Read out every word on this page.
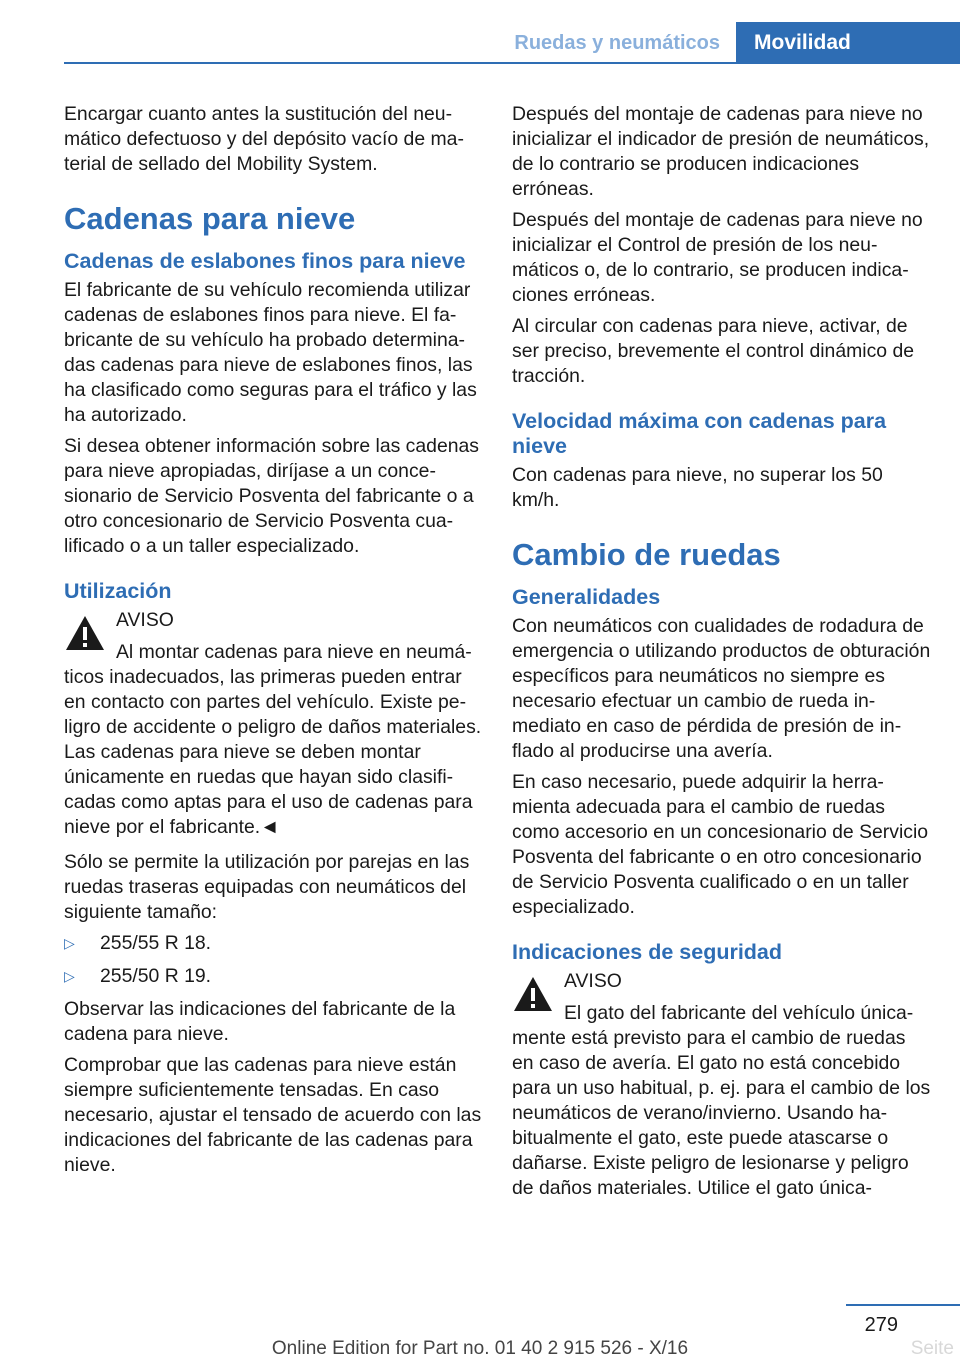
Ruedas y neumáticos	Movilidad

Encargar cuanto antes la sustitución del neumático defectuoso y del depósito vacío de material de sellado del Mobility System.

Cadenas para nieve
Cadenas de eslabones finos para nieve

El fabricante de su vehículo recomienda utilizar cadenas de eslabones finos para nieve. El fabricante de su vehículo ha probado determinadas cadenas para nieve de eslabones finos, las ha clasificado como seguras para el tráfico y las ha autorizado.

Si desea obtener información sobre las cadenas para nieve apropiadas, diríjase a un concesionario de Servicio Posventa del fabricante o a otro concesionario de Servicio Posventa cualificado o a un taller especializado.

Utilización
AVISO

Al montar cadenas para nieve en neumáticos inadecuados, las primeras pueden entrar en contacto con partes del vehículo. Existe peligro de accidente o peligro de daños materiales. Las cadenas para nieve se deben montar únicamente en ruedas que hayan sido clasificadas como aptas para el uso de cadenas para nieve por el fabricante.◄

Sólo se permite la utilización por parejas en las ruedas traseras equipadas con neumáticos del siguiente tamaño:

▷	255/55 R 18.
▷	255/50 R 19.

Observar las indicaciones del fabricante de la cadena para nieve.

Comprobar que las cadenas para nieve están siempre suficientemente tensadas. En caso necesario, ajustar el tensado de acuerdo con las indicaciones del fabricante de las cadenas para nieve.

Después del montaje de cadenas para nieve no inicializar el indicador de presión de neumáticos, de lo contrario se producen indicaciones erróneas.

Después del montaje de cadenas para nieve no inicializar el Control de presión de los neumáticos o, de lo contrario, se producen indicaciones erróneas.

Al circular con cadenas para nieve, activar, de ser preciso, brevemente el control dinámico de tracción.

Velocidad máxima con cadenas para nieve

Con cadenas para nieve, no superar los 50 km/h.

Cambio de ruedas
Generalidades

Con neumáticos con cualidades de rodadura de emergencia o utilizando productos de obturación específicos para neumáticos no siempre es necesario efectuar un cambio de rueda inmediato en caso de pérdida de presión de inflado al producirse una avería.

En caso necesario, puede adquirir la herramienta adecuada para el cambio de ruedas como accesorio en un concesionario de Servicio Posventa del fabricante o en otro concesionario de Servicio Posventa cualificado o en un taller especializado.

Indicaciones de seguridad
AVISO

El gato del fabricante del vehículo únicamente está previsto para el cambio de ruedas en caso de avería. El gato no está concebido para un uso habitual, p. ej. para el cambio de los neumáticos de verano/invierno. Usando habitualmente el gato, este puede atascarse o dañarse. Existe peligro de lesionarse y peligro de daños materiales. Utilice el gato única-

279
Online Edition for Part no. 01 40 2 915 526 - X/16	Seite
